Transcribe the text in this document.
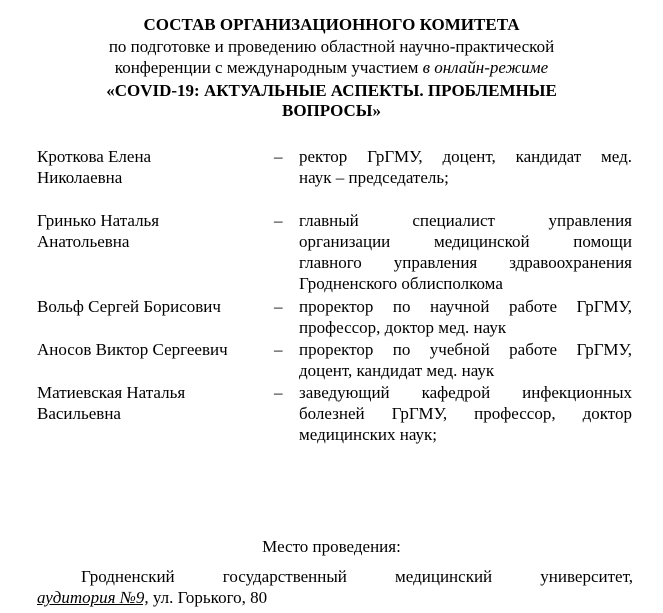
СОСТАВ ОРГАНИЗАЦИОННОГО КОМИТЕТА
по подготовке и проведению областной научно-практической
конференции с международным участием в онлайн-режиме
«COVID-19: АКТУАЛЬНЫЕ АСПЕКТЫ. ПРОБЛЕМНЫЕ
ВОПРОСЫ»
Кроткова Елена
Николаевна
– ректор ГрГМУ, доцент, кандидат мед.
наук – председатель;
Гринько Наталья
Анатольевна
– главный специалист управления
организации медицинской помощи
главного управления здравоохранения
Гродненского облисполкома
Вольф Сергей Борисович	– проректор по научной работе ГрГМУ,
профессор, доктор мед. наук
Аносов Виктор Сергеевич	– проректор по учебной работе ГрГМУ,
доцент, кандидат мед. наук
Матиевская Наталья
Васильевна
– заведующий кафедрой инфекционных
болезней ГрГМУ, профессор, доктор
медицинских наук;
Место проведения:
Гродненский государственный медицинский университет,
аудитория №9, ул. Горького, 80
